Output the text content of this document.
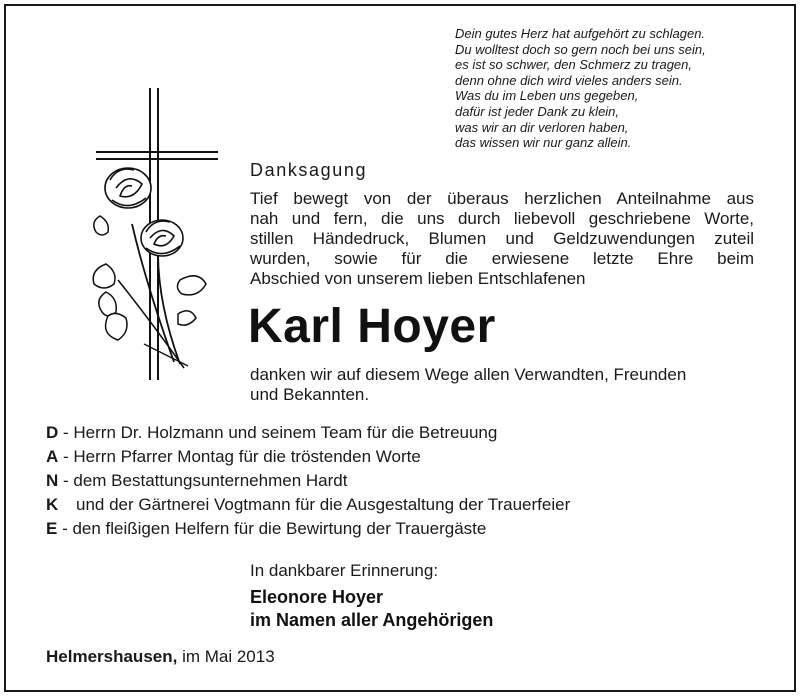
Dein gutes Herz hat aufgehört zu schlagen.
Du wolltest doch so gern noch bei uns sein,
es ist so schwer, den Schmerz zu tragen,
denn ohne dich wird vieles anders sein.
Was du im Leben uns gegeben,
dafür ist jeder Dank zu klein,
was wir an dir verloren haben,
das wissen wir nur ganz allein.
Danksagung
Tief bewegt von der überaus herzlichen Anteilnahme aus
nah und fern, die uns durch liebevoll geschriebene Worte,
stillen Händedruck, Blumen und Geldzuwendungen zuteil
wurden, sowie für die erwiesene letzte Ehre beim
Abschied von unserem lieben Entschlafenen
Karl Hoyer
danken wir auf diesem Wege allen Verwandten, Freunden
und Bekannten.
D - Herrn Dr. Holzmann und seinem Team für die Betreuung
A - Herrn Pfarrer Montag für die tröstenden Worte
N - dem Bestattungsunternehmen Hardt
K	und der Gärtnerei Vogtmann für die Ausgestaltung der Trauerfeier
E - den fleißigen Helfern für die Bewirtung der Trauergäste
In dankbarer Erinnerung:
Eleonore Hoyer
im Namen aller Angehörigen
Helmershausen, im Mai 2013
